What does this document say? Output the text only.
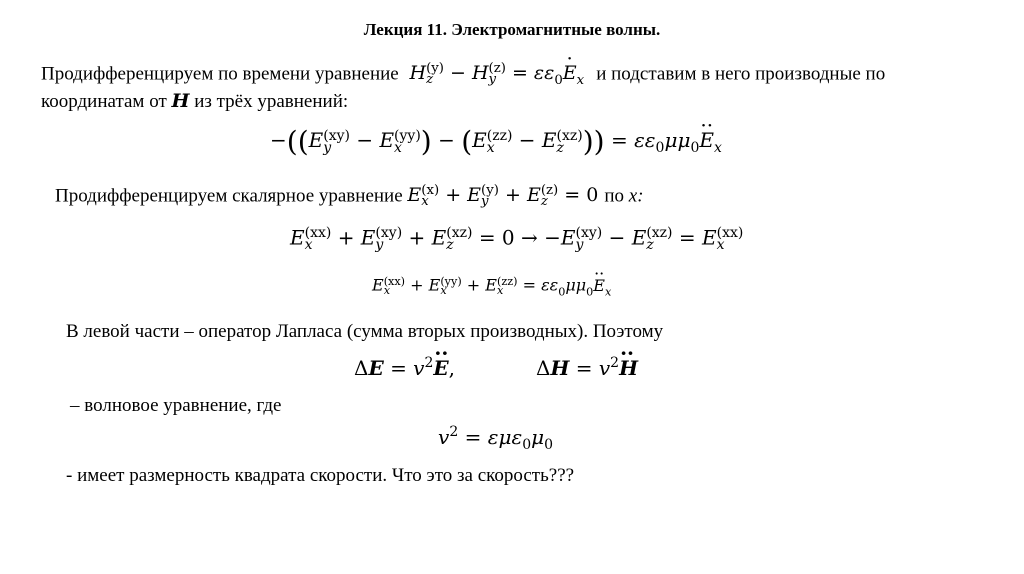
Лекция 11. Электромагнитные волны.
Продифференцируем по времени уравнение H (y)
z − H (z)
$y = \varepsilon\varepsilon_0E \cdot_x$ и подставим в него производные по
координатам от H из трёх уравнений:
−((E (xy)
y − E (yy)
x ) − (E (zz)
x − E (xz)
z )) = $\varepsilon\varepsilon_0\mu\mu_0E \cdot\cdot_x$
Продифференцируем скалярное уравнение E (x)
x + E (y)
y + E (z)
z = 0 по x:
E (xx)
x	+ E (xy)
y	+ E (xz)
z	= 0 → −E (xy)
y	− E (xz)
z	= E (xx)
x
E (xx)
x	+ E (yy)
x	+ E (zz)
x	= $\varepsilon\varepsilon_0\mu\mu_0E \cdot\cdot_x$
В левой части – оператор Лапласа (сумма вторых производных). Поэтому
$\Delta E = v^2E$ ··,	$\Delta H = v^2H$ ··
– волновое уравнение, где
$v^2 = \varepsilon\mu\varepsilon_0\mu_0$
- имеет размерность квадрата скорости. Что это за скорость???
